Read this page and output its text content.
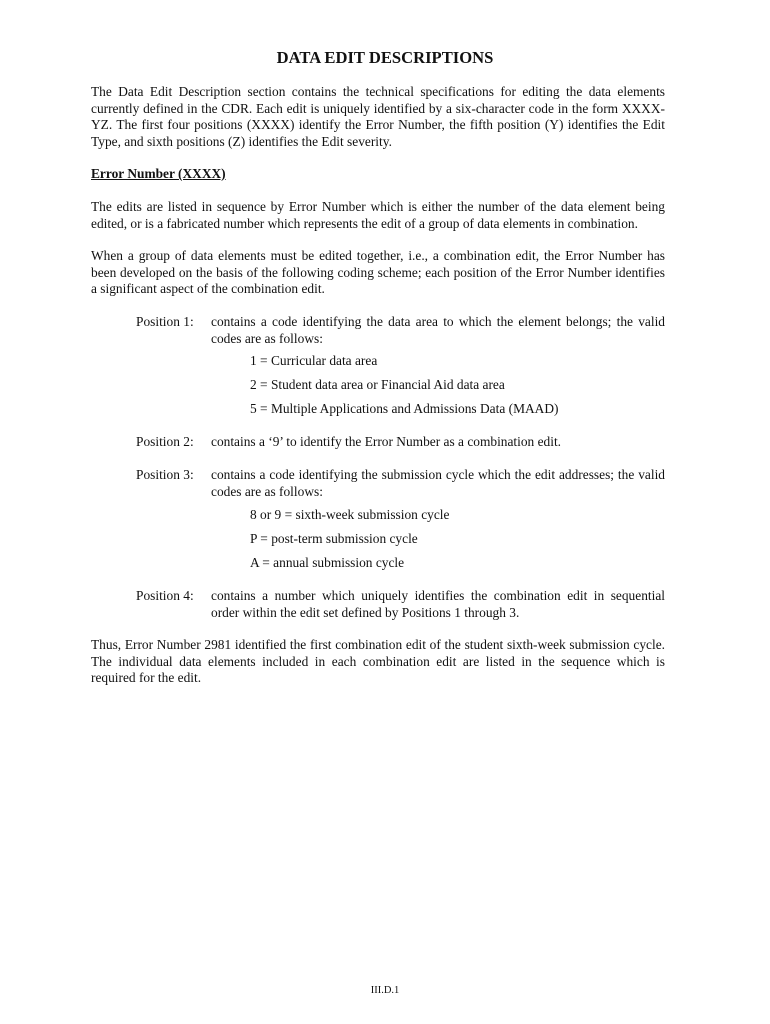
DATA EDIT DESCRIPTIONS

The Data Edit Description section contains the technical specifications for editing the data elements currently defined in the CDR. Each edit is uniquely identified by a six-character code in the form XXXX-YZ. The first four positions (XXXX) identify the Error Number, the fifth position (Y) identifies the Edit Type, and sixth positions (Z) identifies the Edit severity.

Error Number (XXXX)

The edits are listed in sequence by Error Number which is either the number of the data element being edited, or is a fabricated number which represents the edit of a group of data elements in combination.

When a group of data elements must be edited together, i.e., a combination edit, the Error Number has been developed on the basis of the following coding scheme; each position of the Error Number identifies a significant aspect of the combination edit.

Position 1:	contains a code identifying the data area to which the element belongs; the valid codes are as follows:

1 = Curricular data area

2 = Student data area or Financial Aid data area

5 = Multiple Applications and Admissions Data (MAAD)

Position 2:	contains a ‘9’ to identify the Error Number as a combination edit.
Position 3:	contains a code identifying the submission cycle which the edit addresses; the valid codes are as follows:

8 or 9 = sixth-week submission cycle

P = post-term submission cycle

A = annual submission cycle

Position 4:	contains a number which uniquely identifies the combination edit in sequential order within the edit set defined by Positions 1 through 3.

Thus, Error Number 2981 identified the first combination edit of the student sixth-week submission cycle. The individual data elements included in each combination edit are listed in the sequence which is required for the edit.

III.D.1
